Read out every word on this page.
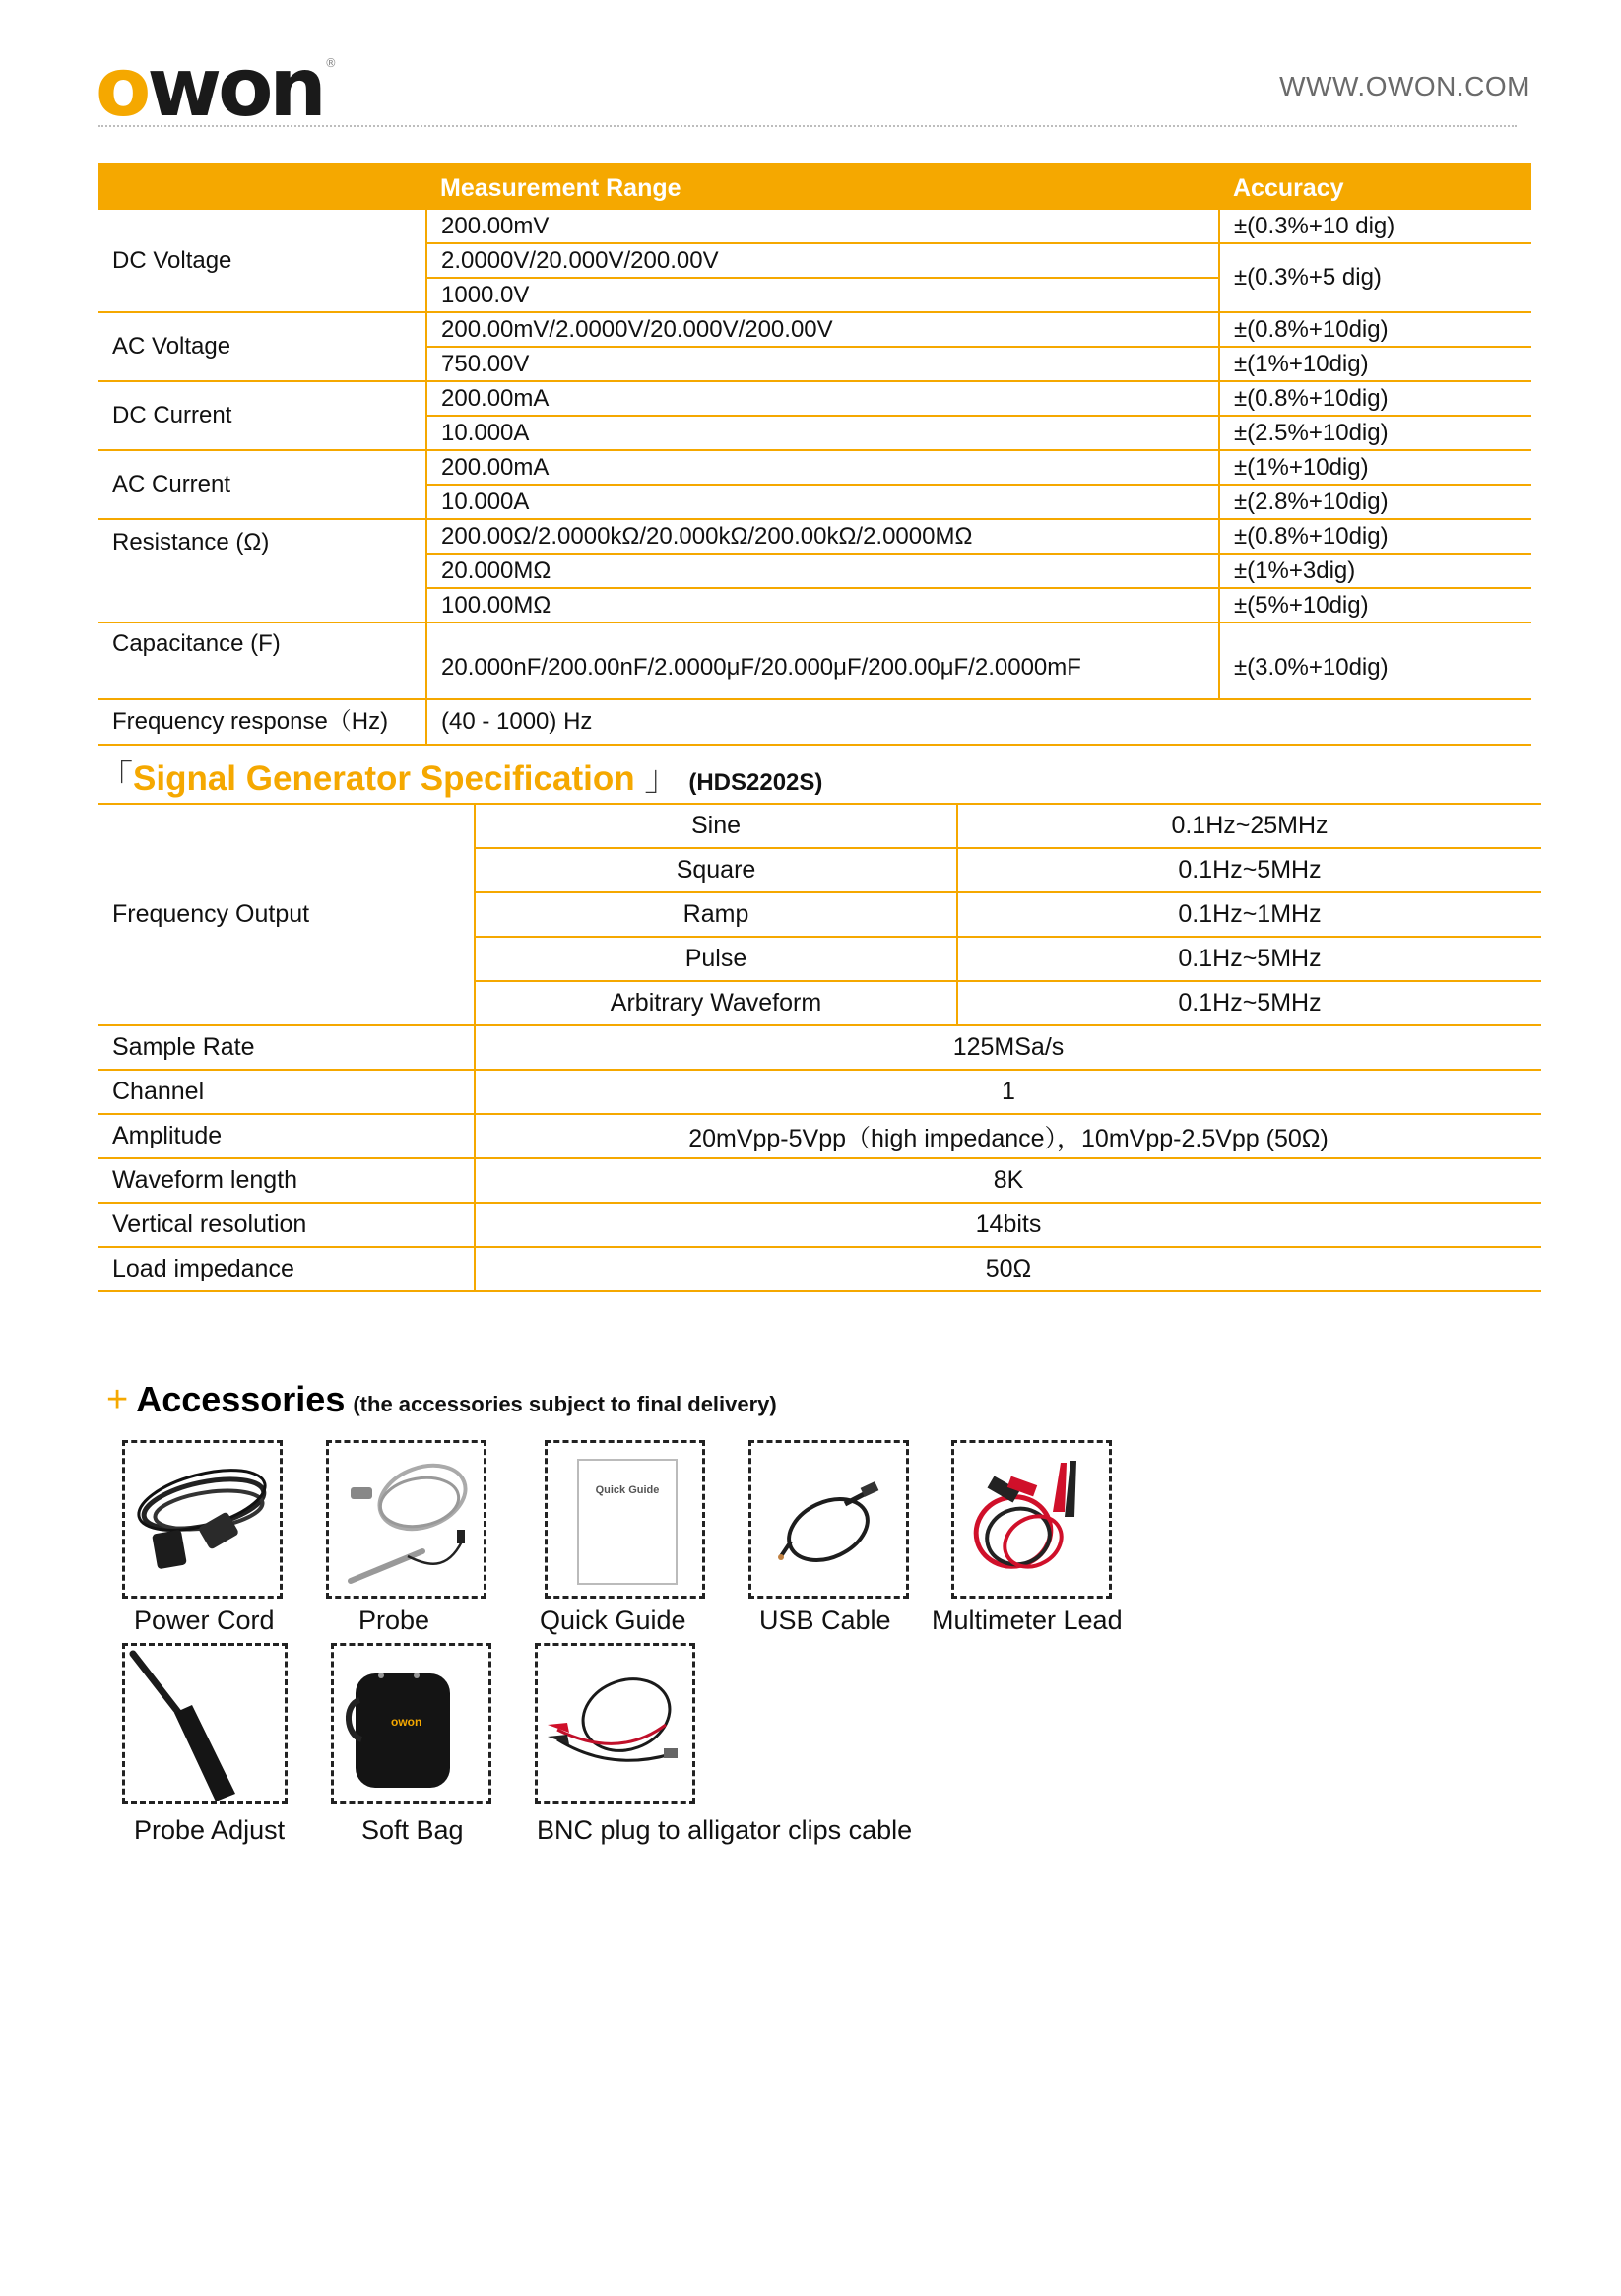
o won ®
WWW.OWON.COM
	Measurement Range	Accuracy
DC Voltage	200.00mV	±(0.3%+10 dig)
	2.0000V/20.000V/200.00V	±(0.3%+5 dig)
	1000.0V	
AC Voltage	200.00mV/2.0000V/20.000V/200.00V	±(0.8%+10dig)
	750.00V	±(1%+10dig)
DC Current	200.00mA	±(0.8%+10dig)
	10.000A	±(2.5%+10dig)
AC Current	200.00mA	±(1%+10dig)
	10.000A	±(2.8%+10dig)
Resistance (Ω)	200.00Ω/2.0000kΩ/20.000kΩ/200.00kΩ/2.0000MΩ	±(0.8%+10dig)
	20.000MΩ	±(1%+3dig)
	100.00MΩ	±(5%+10dig)
Capacitance (F)	20.000nF/200.00nF/2.0000μF/20.000μF/200.00μF/2.0000mF	±(3.0%+10dig)
Frequency response（Hz)	(40 - 1000) Hz	
「Signal Generator Specification 」 (HDS2202S)
Frequency Output	Sine	0.1Hz~25MHz
	Square	0.1Hz~5MHz
	Ramp	0.1Hz~1MHz
	Pulse	0.1Hz~5MHz
	Arbitrary Waveform	0.1Hz~5MHz
Sample Rate	125MSa/s	
Channel	1	
Amplitude	20mVpp-5Vpp（high impedance），10mVpp-2.5Vpp (50Ω)	
Waveform length	8K	
Vertical resolution	14bits	
Load impedance	50Ω	
+ Accessories (the accessories subject to final delivery)
Quick Guide
Power Cord	Probe	Quick Guide	USB Cable Multimeter Lead
owon
Probe Adjust	Soft Bag	BNC plug to alligator clips cable
